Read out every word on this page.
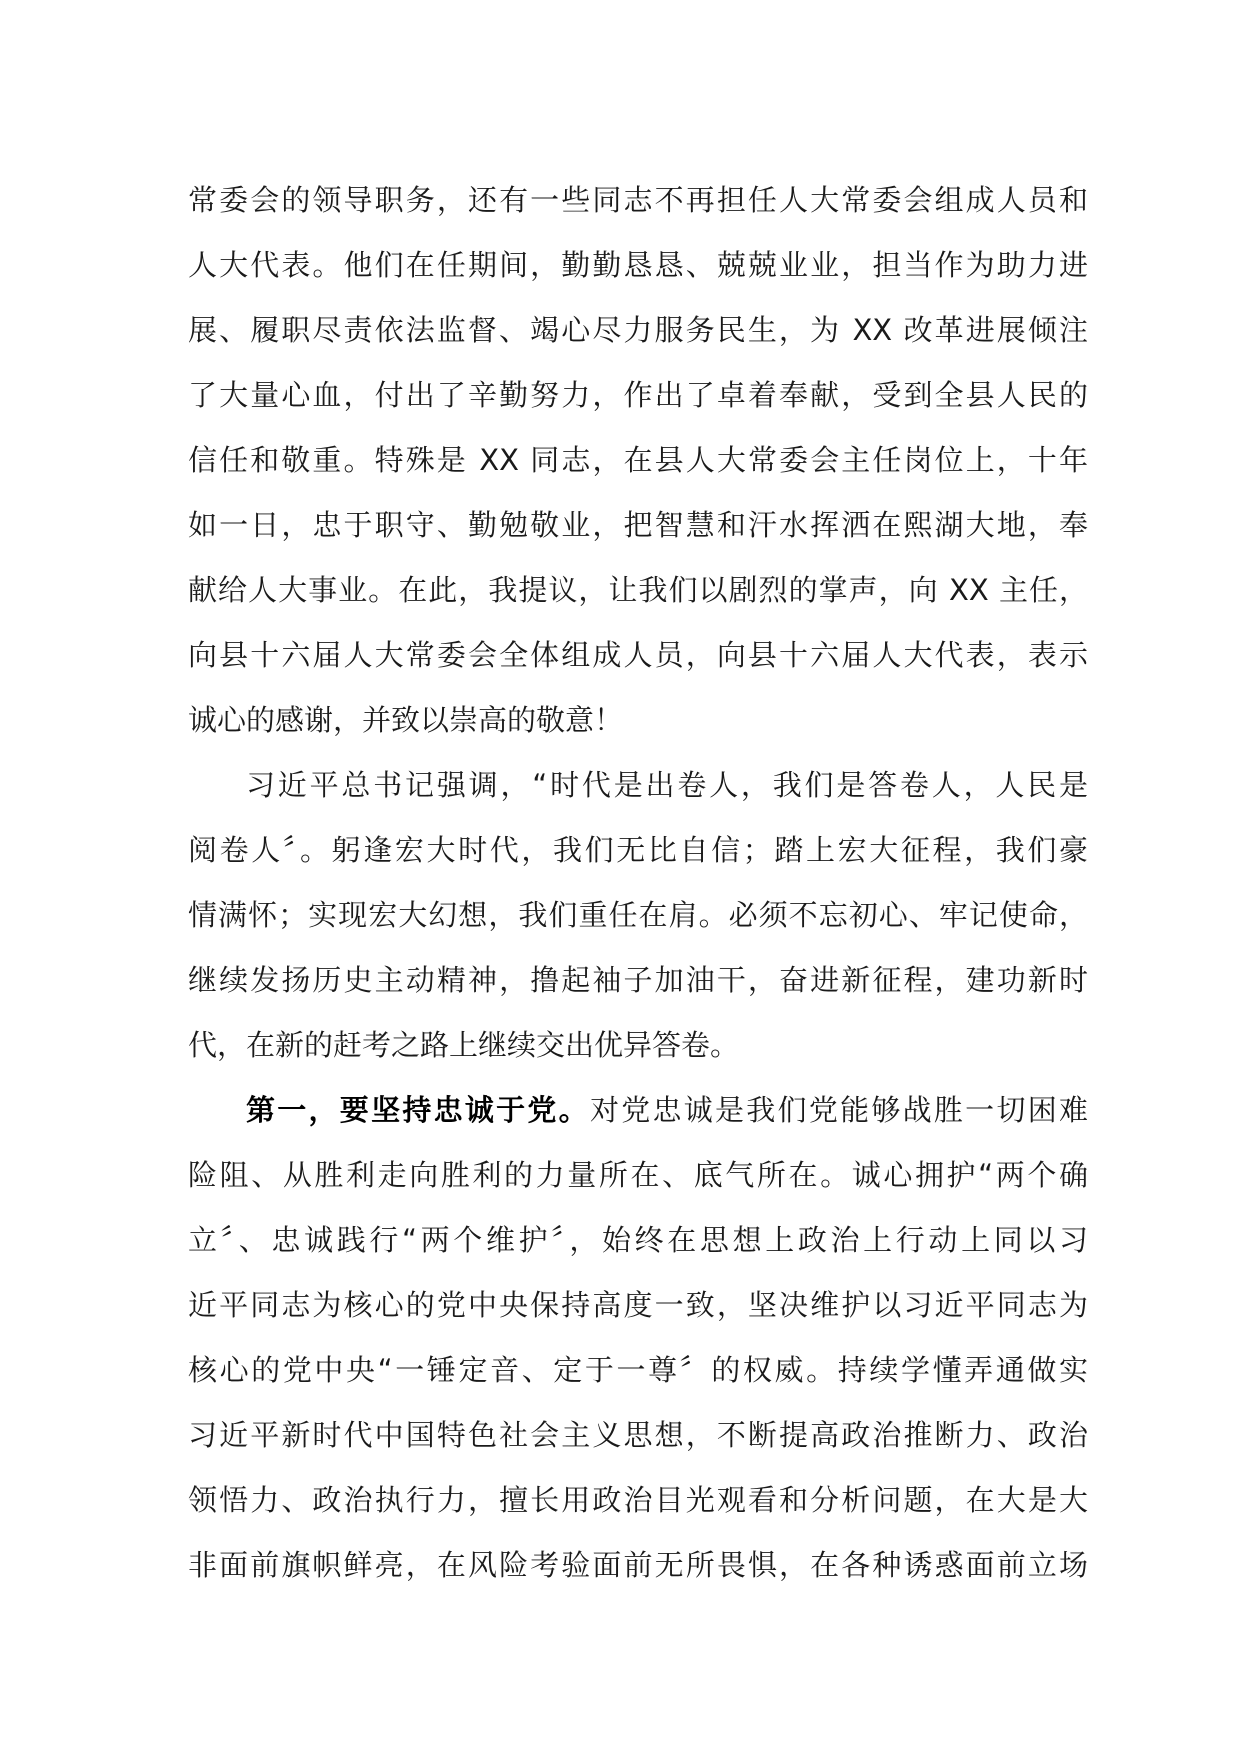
常委会的领导职务，还有一些同志不再担任人大常委会组成人员和
人大代表。他们在任期间，勤勤恳恳、兢兢业业，担当作为助力进
展、履职尽责依法监督、竭心尽力服务民生，为 XX 改革进展倾注
了大量心血，付出了辛勤努力，作出了卓着奉献，受到全县人民的
信任和敬重。特殊是 XX 同志，在县人大常委会主任岗位上，十年
如一日，忠于职守、勤勉敬业，把智慧和汗水挥洒在熙湖大地，奉
献给人大事业。在此，我提议，让我们以剧烈的掌声，向 XX 主任，
向县十六届人大常委会全体组成人员，向县十六届人大代表，表示
诚心的感谢，并致以崇高的敬意！
习近平总书记强调，“时代是出卷人，我们是答卷人，人民是
阅卷人〞。躬逢宏大时代，我们无比自信；踏上宏大征程，我们豪
情满怀；实现宏大幻想，我们重任在肩。必须不忘初心、牢记使命，
继续发扬历史主动精神，撸起袖子加油干，奋进新征程，建功新时
代，在新的赶考之路上继续交出优异答卷。
第一，要坚持忠诚于党。对党忠诚是我们党能够战胜一切困难
险阻、从胜利走向胜利的力量所在、底气所在。诚心拥护“两个确
立〞、忠诚践行“两个维护〞，始终在思想上政治上行动上同以习
近平同志为核心的党中央保持高度一致，坚决维护以习近平同志为
核心的党中央“一锤定音、定于一尊〞的权威。持续学懂弄通做实
习近平新时代中国特色社会主义思想，不断提高政治推断力、政治
领悟力、政治执行力，擅长用政治目光观看和分析问题，在大是大
非面前旗帜鲜亮，在风险考验面前无所畏惧，在各种诱惑面前立场
